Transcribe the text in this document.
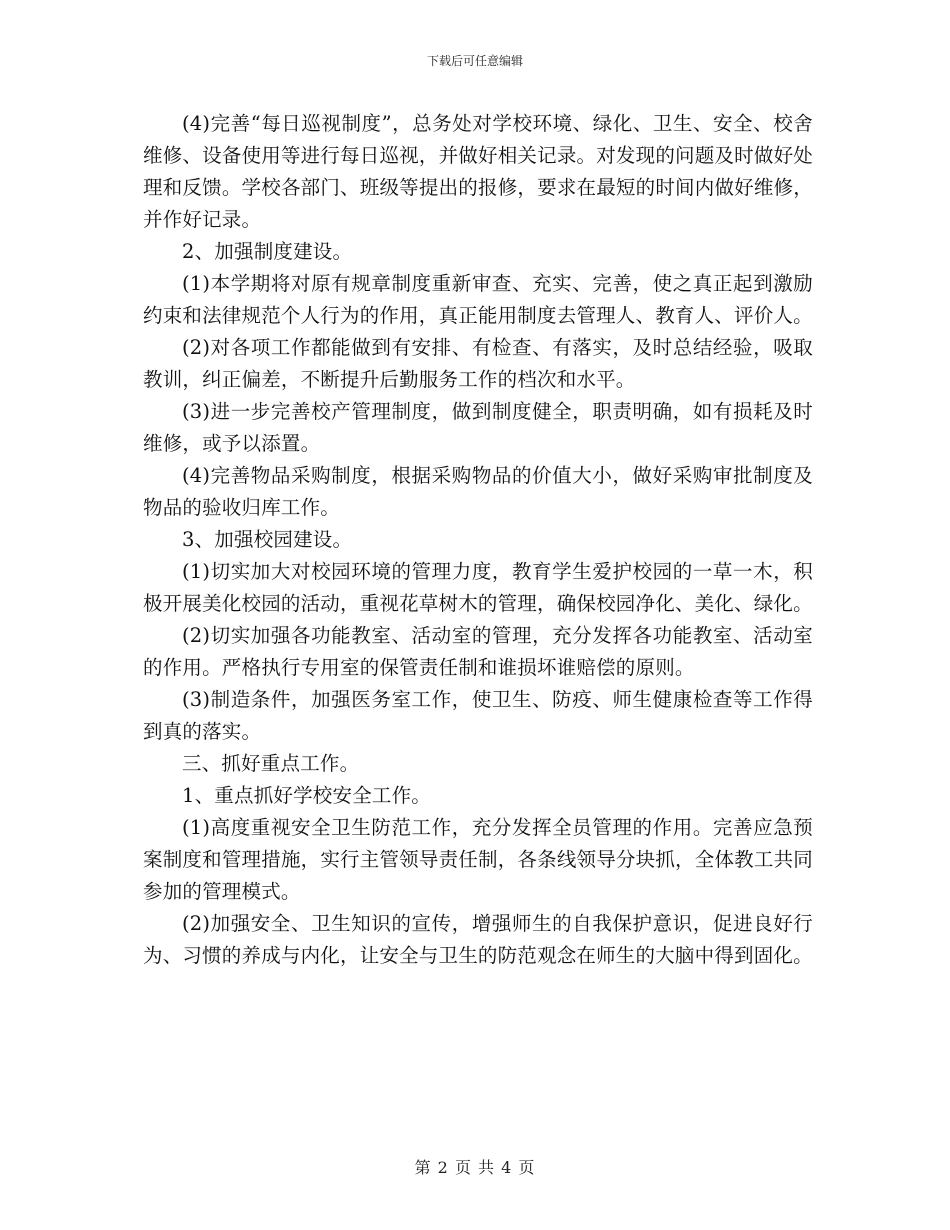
下载后可任意编辑

(4)完善“每日巡视制度”，总务处对学校环境、绿化、卫生、安全、校舍维修、设备使用等进行每日巡视，并做好相关记录。对发现的问题及时做好处理和反馈。学校各部门、班级等提出的报修，要求在最短的时间内做好维修，并作好记录。

2、加强制度建设。

(1)本学期将对原有规章制度重新审查、充实、完善，使之真正起到激励约束和法律规范个人行为的作用，真正能用制度去管理人、教育人、评价人。

(2)对各项工作都能做到有安排、有检查、有落实，及时总结经验，吸取教训，纠正偏差，不断提升后勤服务工作的档次和水平。

(3)进一步完善校产管理制度，做到制度健全，职责明确，如有损耗及时维修，或予以添置。

(4)完善物品采购制度，根据采购物品的价值大小，做好采购审批制度及物品的验收归库工作。

3、加强校园建设。

(1)切实加大对校园环境的管理力度，教育学生爱护校园的一草一木，积极开展美化校园的活动，重视花草树木的管理，确保校园净化、美化、绿化。

(2)切实加强各功能教室、活动室的管理，充分发挥各功能教室、活动室的作用。严格执行专用室的保管责任制和谁损坏谁赔偿的原则。

(3)制造条件，加强医务室工作，使卫生、防疫、师生健康检查等工作得到真的落实。

三、抓好重点工作。

1、重点抓好学校安全工作。

(1)高度重视安全卫生防范工作，充分发挥全员管理的作用。完善应急预案制度和管理措施，实行主管领导责任制，各条线领导分块抓，全体教工共同参加的管理模式。

(2)加强安全、卫生知识的宣传，增强师生的自我保护意识，促进良好行为、习惯的养成与内化，让安全与卫生的防范观念在师生的大脑中得到固化。

第 2 页 共 4 页
